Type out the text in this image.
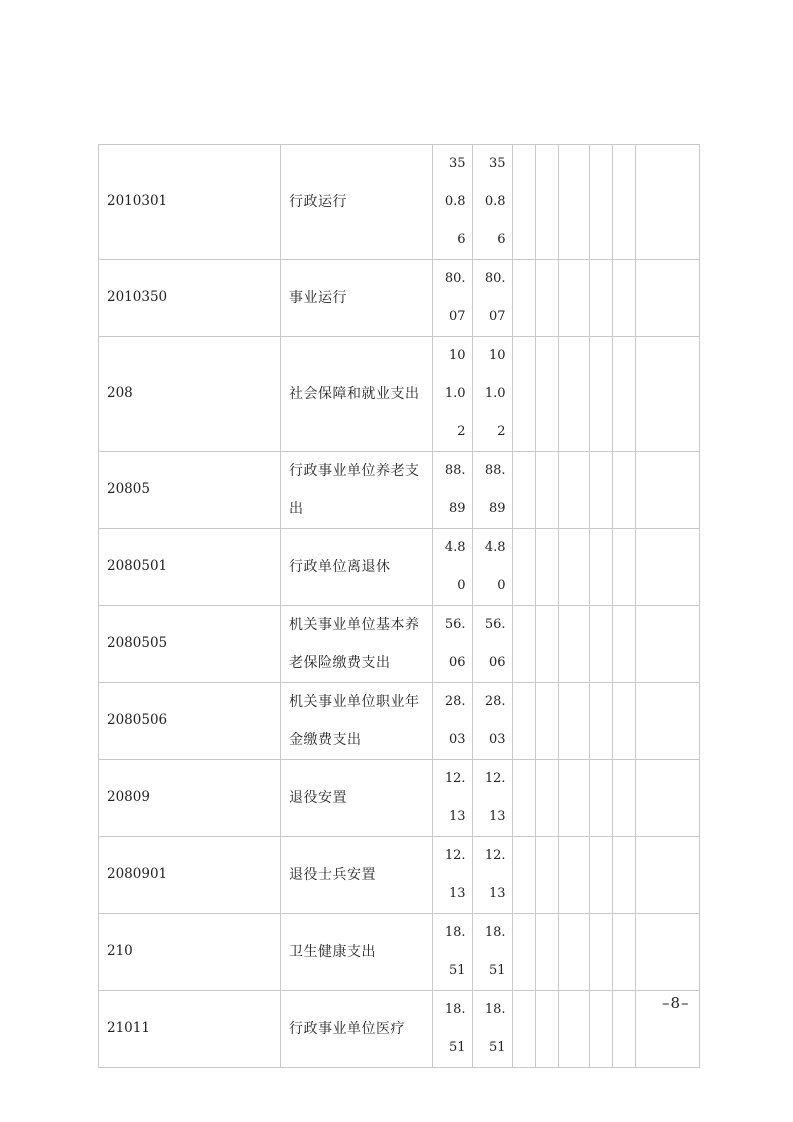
2010301	行政运行	350.86	350.86						

2010350	事业运行	80.07	80.07						

208	社会保障和就业支出	101.02	101.02						

20805	行政事业单位养老支出	88.89	88.89						

2080501	行政单位离退休	4.80	4.80						

2080505	机关事业单位基本养老保险缴费支出	56.06	56.06						

2080506	机关事业单位职业年金缴费支出	28.03	28.03						

20809	退役安置	12.13	12.13						

2080901	退役士兵安置	12.13	12.13						

210	卫生健康支出	18.51	18.51						

21011	行政事业单位医疗	18.51	18.51						

–8–
